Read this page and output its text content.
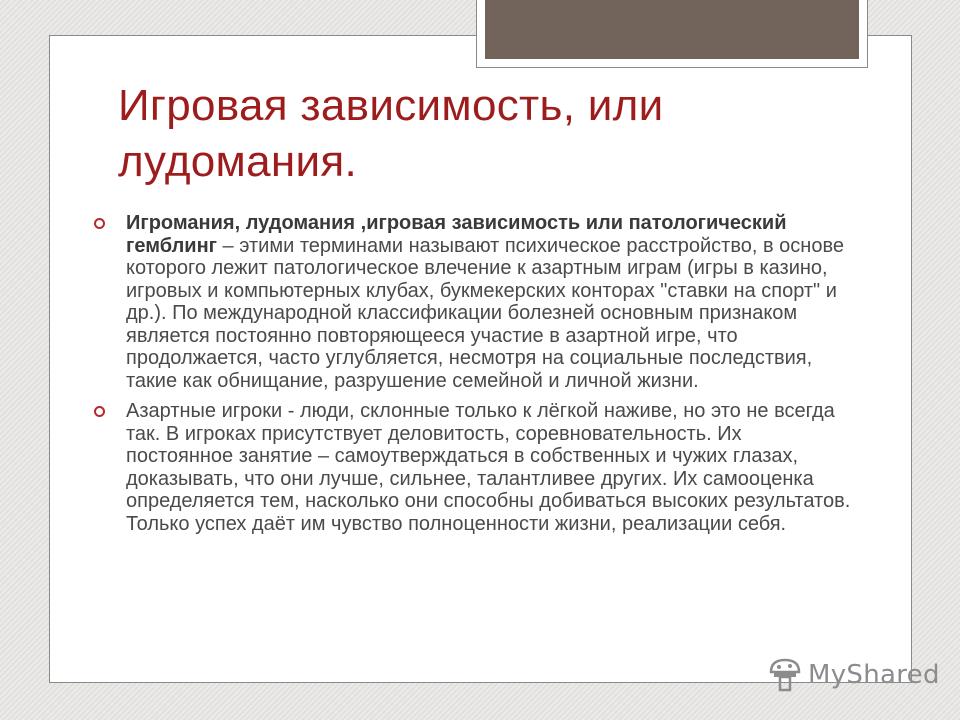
Игровая зависимость, или
лудомания.
Игромания, лудомания ,игровая зависимость или патологический гемблинг – этими терминами называют психическое расстройство, в основе которого лежит патологическое влечение к азартным играм (игры в казино, игровых и компьютерных клубах, букмекерских конторах "ставки на спорт" и др.). По международной классификации болезней основным признаком является постоянно повторяющееся участие в азартной игре, что продолжается, часто углубляется, несмотря на социальные последствия, такие как обнищание, разрушение семейной и личной жизни.
Азартные игроки - люди, склонные только к лёгкой наживе, но это не всегда так. В игроках присутствует деловитость, соревновательность. Их постоянное занятие – самоутверждаться в собственных и чужих глазах, доказывать, что они лучше, сильнее, талантливее других. Их самооценка определяется тем, насколько они способны добиваться высоких результатов. Только успех даёт им чувство полноценности жизни, реализации себя.
MyShared
